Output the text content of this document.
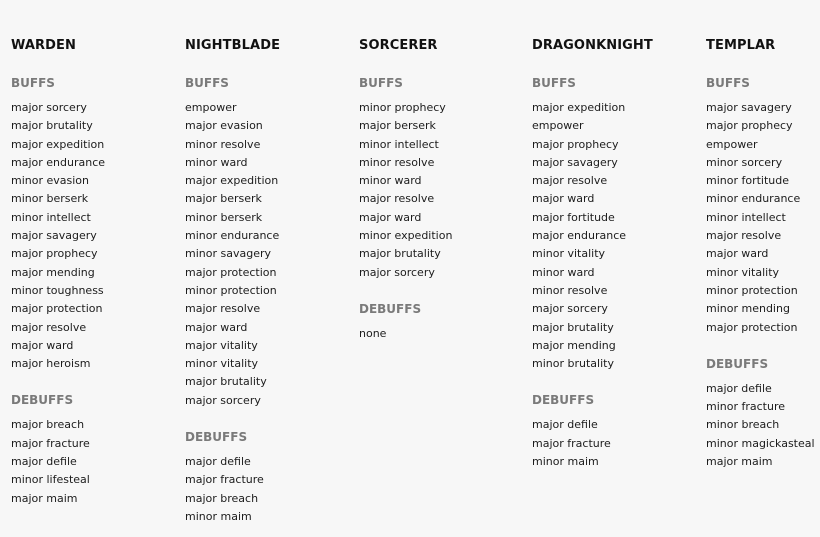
WARDEN
BUFFS
major sorcery
major brutality
major expedition
major endurance
minor evasion
minor berserk
minor intellect
major savagery
major prophecy
major mending
minor toughness
major protection
major resolve
major ward
major heroism
DEBUFFS
major breach
major fracture
major defile
minor lifesteal
major maim
NIGHTBLADE
BUFFS
empower
major evasion
minor resolve
minor ward
major expedition
major berserk
minor berserk
minor endurance
minor savagery
major protection
minor protection
major resolve
major ward
major vitality
minor vitality
major brutality
major sorcery
DEBUFFS
major defile
major fracture
major breach
minor maim
SORCERER
BUFFS
minor prophecy
major berserk
minor intellect
minor resolve
minor ward
major resolve
major ward
minor expedition
major brutality
major sorcery
DEBUFFS
none
DRAGONKNIGHT
BUFFS
major expedition
empower
major prophecy
major savagery
major resolve
major ward
major fortitude
major endurance
minor vitality
minor ward
minor resolve
major sorcery
major brutality
major mending
minor brutality
DEBUFFS
major defile
major fracture
minor maim
TEMPLAR
BUFFS
major savagery
major prophecy
empower
minor sorcery
minor fortitude
minor endurance
minor intellect
major resolve
major ward
minor vitality
minor protection
minor mending
major protection
DEBUFFS
major defile
minor fracture
minor breach
minor magickasteal
major maim
